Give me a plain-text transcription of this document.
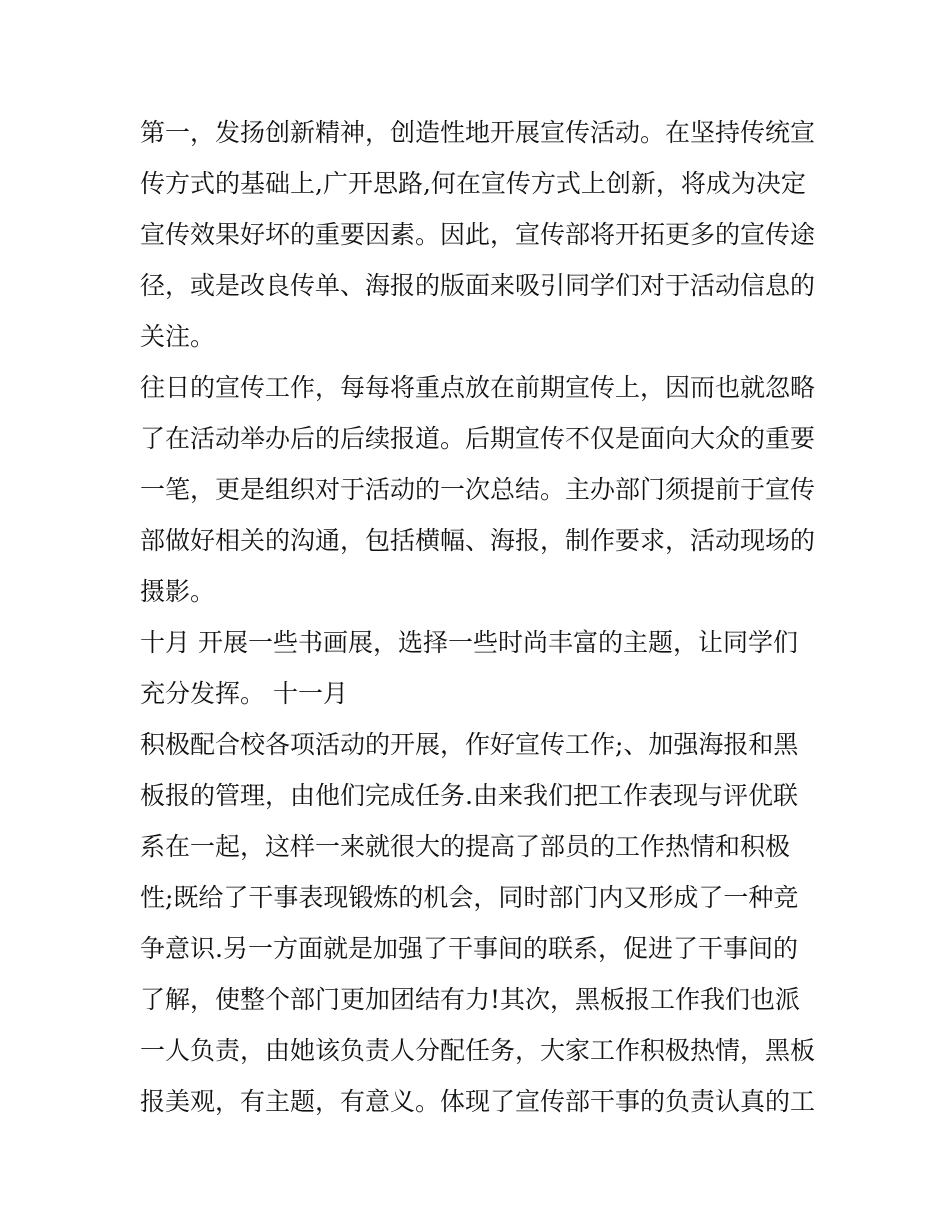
第一，发扬创新精神，创造性地开展宣传活动。在坚持传统宣
传方式的基础上,广开思路,何在宣传方式上创新，将成为决定
宣传效果好坏的重要因素。因此，宣传部将开拓更多的宣传途
径，或是改良传单、海报的版面来吸引同学们对于活动信息的
关注。
往日的宣传工作，每每将重点放在前期宣传上，因而也就忽略
了在活动举办后的后续报道。后期宣传不仅是面向大众的重要
一笔，更是组织对于活动的一次总结。主办部门须提前于宣传
部做好相关的沟通，包括横幅、海报，制作要求，活动现场的
摄影。
十月 开展一些书画展，选择一些时尚丰富的主题，让同学们
充分发挥。 十一月
积极配合校各项活动的开展，作好宣传工作;、加强海报和黑
板报的管理，由他们完成任务.由来我们把工作表现与评优联
系在一起，这样一来就很大的提高了部员的工作热情和积极
性;既给了干事表现锻炼的机会，同时部门内又形成了一种竞
争意识.另一方面就是加强了干事间的联系，促进了干事间的
了解，使整个部门更加团结有力!其次，黑板报工作我们也派
一人负责，由她该负责人分配任务，大家工作积极热情，黑板
报美观，有主题，有意义。体现了宣传部干事的负责认真的工
